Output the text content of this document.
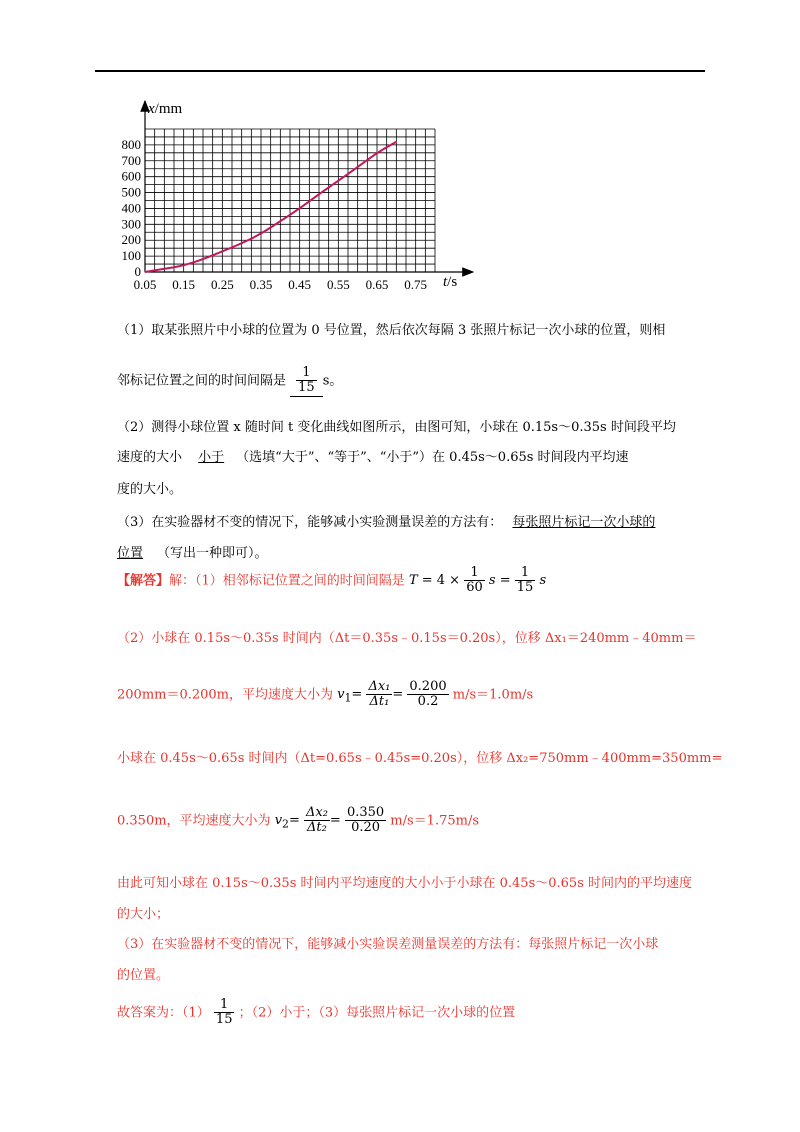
0
100
200
300
400
500
600
700
800
0.05 0.15 0.25 0.35 0.45 0.55 0.65 0.75
x/mm
t/s
（1）取某张照片中小球的位置为 0 号位置，然后依次每隔 3 张照片标记一次小球的位置，则相
邻标记位置之间的时间间隔是 $\frac{1}{15}$ s。
（2）测得小球位置 x 随时间 t 变化曲线如图所示，由图可知，小球在 0.15s～0.35s 时间段平均
速度的大小 小于 （选填“大于”、“等于”、“小于”）在 0.45s～0.65s 时间段内平均速
度的大小。
（3）在实验器材不变的情况下，能够减小实验测量误差的方法有： 每张照片标记一次小球的
位置 （写出一种即可）。
【解答】解：（1）相邻标记位置之间的时间间隔是 $T = 4 \times \frac{1}{60}$ $s = \frac{1}{15}$ s
（2）小球在 0.15s～0.35s 时间内（Δt＝0.35s﹣0.15s＝0.20s），位移 Δx₁＝240mm﹣40mm＝
200mm＝0.200m，平均速度大小为 $v_1= \frac{\text{Δx₁}}{\text{Δt₁}} = \frac{0.200}{0.2} m/s=1.0m/s$
小球在 0.45s～0.65s 时间内（Δt=0.65s﹣0.45s=0.20s），位移 Δx₂=750mm﹣400mm=350mm=
0.350m，平均速度大小为 $v_2= \frac{\text{Δx₂}}{\text{Δt₂}} = \frac{0.350}{0.20} m/s=1.75m/s$
由此可知小球在 0.15s～0.35s 时间内平均速度的大小小于小球在 0.45s～0.65s 时间内的平均速度
的大小；
（3）在实验器材不变的情况下，能够减小实验误差测量误差的方法有：每张照片标记一次小球
的位置。
故答案为：$(1) \frac{1}{15}$ ；（2）小于；（3）每张照片标记一次小球的位置
